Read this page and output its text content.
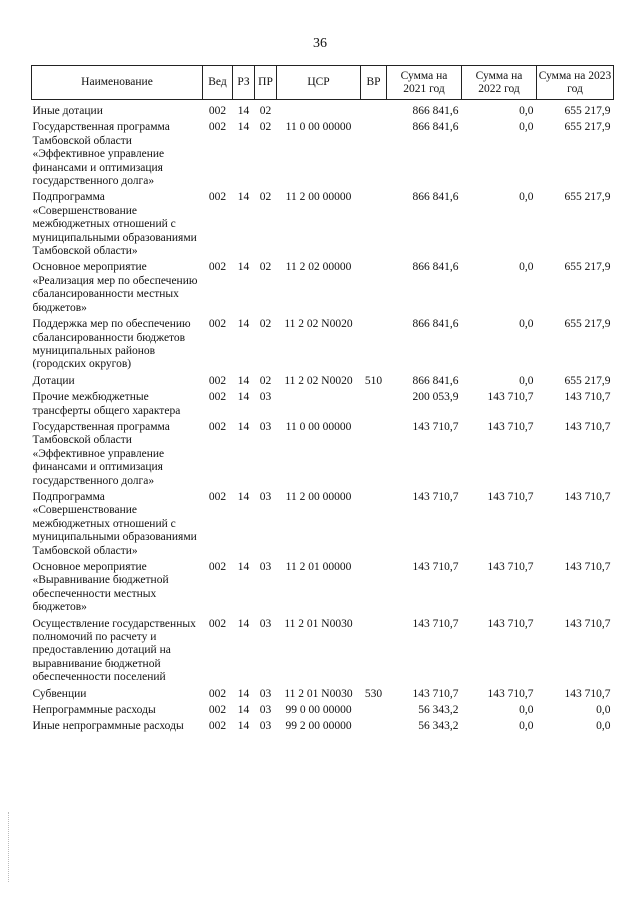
36
Наименование	Вед	РЗ	ПР	ЦСР	ВР	Сумма на 2021 год	Сумма на 2022 год	Сумма на 2023 год
Иные дотации	002	14	02			866 841,6	0,0	655 217,9
Государственная программа Тамбовской области «Эффективное управление финансами и оптимизация государственного долга»	002	14	02	11 0 00 00000		866 841,6	0,0	655 217,9
Подпрограмма «Совершенствование межбюджетных отношений с муниципальными образованиями Тамбовской области»	002	14	02	11 2 00 00000		866 841,6	0,0	655 217,9
Основное мероприятие «Реализация мер по обеспечению сбалансированности местных бюджетов»	002	14	02	11 2 02 00000		866 841,6	0,0	655 217,9
Поддержка мер по обеспечению сбалансированности бюджетов муниципальных районов (городских округов)	002	14	02	11 2 02 N0020		866 841,6	0,0	655 217,9
Дотации	002	14	02	11 2 02 N0020	510	866 841,6	0,0	655 217,9
Прочие межбюджетные трансферты общего характера	002	14	03			200 053,9	143 710,7	143 710,7
Государственная программа Тамбовской области «Эффективное управление финансами и оптимизация государственного долга»	002	14	03	11 0 00 00000		143 710,7	143 710,7	143 710,7
Подпрограмма «Совершенствование межбюджетных отношений с муниципальными образованиями Тамбовской области»	002	14	03	11 2 00 00000		143 710,7	143 710,7	143 710,7
Основное мероприятие «Выравнивание бюджетной обеспеченности местных бюджетов»	002	14	03	11 2 01 00000		143 710,7	143 710,7	143 710,7
Осуществление государственных полномочий по расчету и предоставлению дотаций на выравнивание бюджетной обеспеченности поселений	002	14	03	11 2 01 N0030		143 710,7	143 710,7	143 710,7
Субвенции	002	14	03	11 2 01 N0030	530	143 710,7	143 710,7	143 710,7
Непрограммные расходы	002	14	03	99 0 00 00000		56 343,2	0,0	0,0
Иные непрограммные расходы	002	14	03	99 2 00 00000		56 343,2	0,0	0,0
